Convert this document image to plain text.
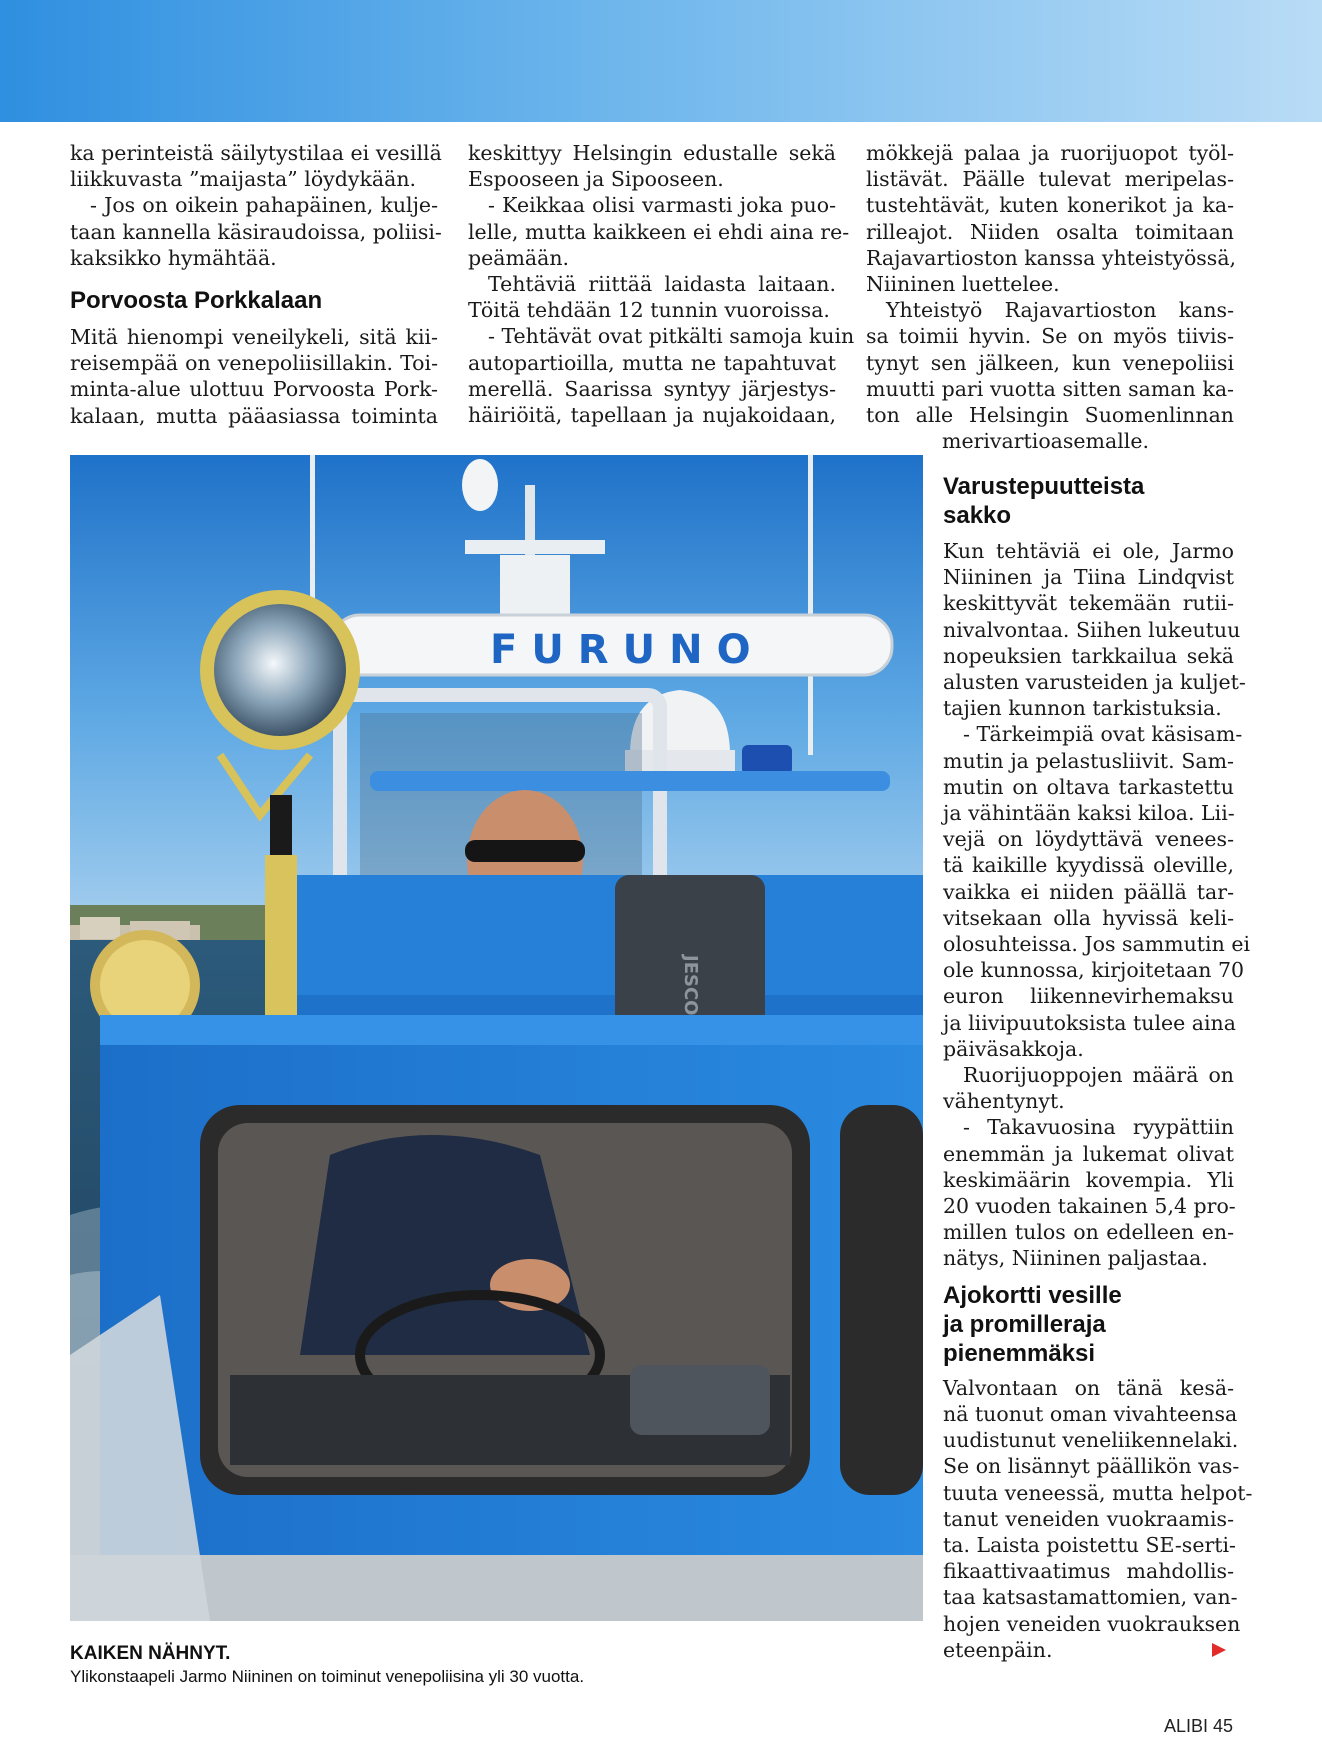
ka perinteistä säilytystilaa ei vesillä
liikkuvasta ”maijasta” löydykään.

- Jos on oikein pahapäinen, kulje-
taan kannella käsiraudoissa, poliisi-
kaksikko hymähtää.

Porvoosta Porkkalaan

Mitä hienompi veneilykeli, sitä kii-
reisempää on venepoliisillakin. Toi-
minta-alue ulottuu Porvoosta Pork-
kalaan, mutta pääasiassa toiminta

keskittyy Helsingin edustalle sekä
Espooseen ja Sipooseen.

- Keikkaa olisi varmasti joka puo-
lelle, mutta kaikkeen ei ehdi aina re-
peämään.

Tehtäviä riittää laidasta laitaan.
Töitä tehdään 12 tunnin vuoroissa.

- Tehtävät ovat pitkälti samoja kuin
autopartioilla, mutta ne tapahtuvat
merellä. Saarissa syntyy järjestys-
häiriöitä, tapellaan ja nujakoidaan,

mökkejä palaa ja ruorijuopot työl-
listävät. Päälle tulevat meripelas-
tustehtävät, kuten konerikot ja ka-
rilleajot. Niiden osalta toimitaan
Rajavartioston kanssa yhteistyössä,
Niininen luettelee.

Yhteistyö Rajavartioston kans-
sa toimii hyvin. Se on myös tiivis-
tynyt sen jälkeen, kun venepoliisi
muutti pari vuotta sitten saman ka-
ton alle Helsingin Suomenlinnan

merivartioasemalle.

Varustepuutteista
sakko

Kun tehtäviä ei ole, Jarmo
Niininen ja Tiina Lindqvist
keskittyvät tekemään rutii-
nivalvontaa. Siihen lukeutuu
nopeuksien tarkkailua sekä
alusten varusteiden ja kuljet-
tajien kunnon tarkistuksia.

- Tärkeimpiä ovat käsisam-
mutin ja pelastusliivit. Sam-
mutin on oltava tarkastettu
ja vähintään kaksi kiloa. Lii-
vejä on löydyttävä venees-
tä kaikille kyydissä oleville,
vaikka ei niiden päällä tar-
vitsekaan olla hyvissä keli-
olosuhteissa. Jos sammutin ei
ole kunnossa, kirjoitetaan 70
euron liikennevirhemaksu
ja liivipuutoksista tulee aina
päiväsakkoja.

Ruorijuoppojen määrä on
vähentynyt.

- Takavuosina ryypättiin
enemmän ja lukemat olivat
keskimäärin kovempia. Yli
20 vuoden takainen 5,4 pro-
millen tulos on edelleen en-
nätys, Niininen paljastaa.

Ajokortti vesille
ja promilleraja
pienemmäksi

Valvontaan on tänä kesä-
nä tuonut oman vivahteensa
uudistunut veneliikennelaki.
Se on lisännyt päällikön vas-
tuuta veneessä, mutta helpot-
tanut veneiden vuokraamis-
ta. Laista poistettu SE-serti-
fikaattivaatimus mahdollis-
taa katsastamattomien, van-
hojen veneiden vuokrauksen
eteenpäin.

FURUNO
JESCO
KAIKEN NÄHNYT.
Ylikonstaapeli Jarmo Niininen on toiminut venepoliisina yli 30 vuotta.
ALIBI 45
